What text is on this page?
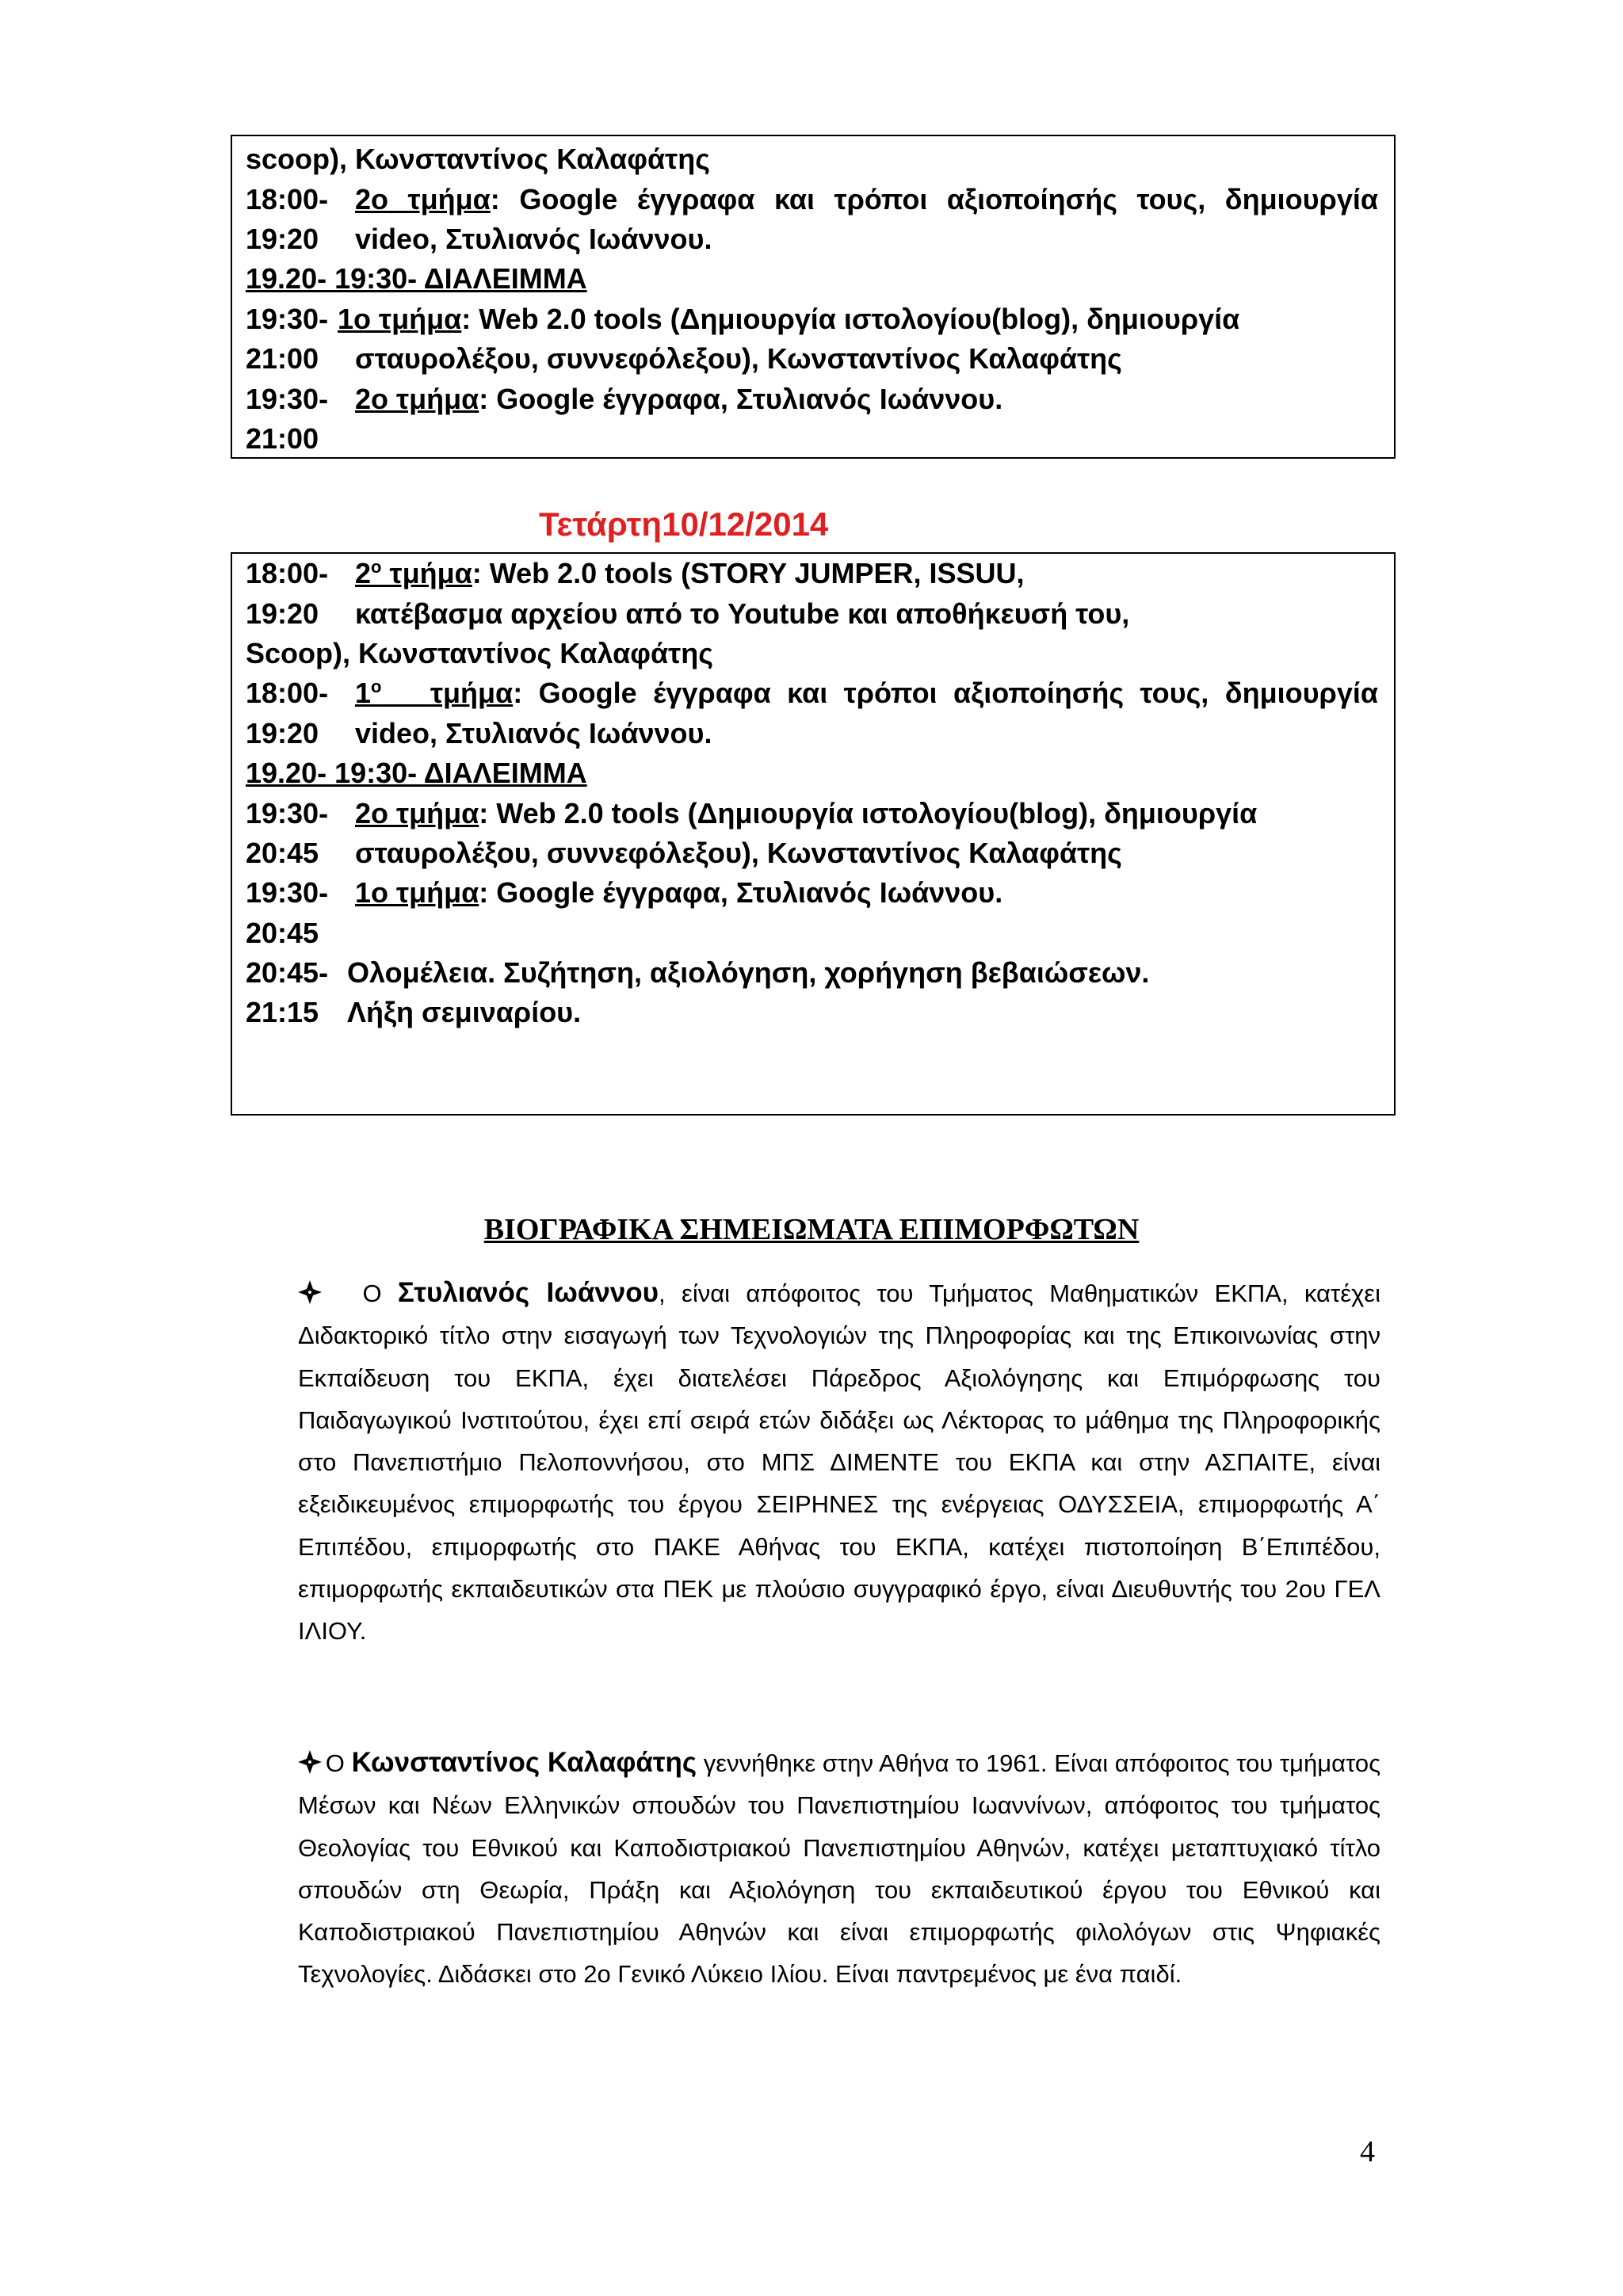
scoop), Κωνσταντίνος Καλαφάτης
18:00- 2ο τμήμα: Google έγγραφα και τρόποι αξιοποίησής τους, δημιουργία
19:20	video, Στυλιανός Ιωάννου.
19.20- 19:30- ΔΙΑΛΕΙΜΜΑ
19:30- 1ο τμήμα: Web 2.0 tools (Δημιουργία ιστολογίου(blog), δημιουργία
21:00	σταυρολέξου, συννεφόλεξου), Κωνσταντίνος Καλαφάτης
19:30- 2ο τμήμα: Google έγγραφα, Στυλιανός Ιωάννου.
21:00
Τετάρτη10/12/2014
18:00- $2^o$ τμήμα: Web 2.0 tools (STORY JUMPER, ISSUU,
19:20	κατέβασμα αρχείου από το Youtube και αποθήκευσή του,
Scoop), Κωνσταντίνος Καλαφάτης
18:00- $1^o$ τμήμα: Google έγγραφα και τρόποι αξιοποίησής τους, δημιουργία
19:20	video, Στυλιανός Ιωάννου.
19.20- 19:30- ΔΙΑΛΕΙΜΜΑ
19:30- 2ο τμήμα: Web 2.0 tools (Δημιουργία ιστολογίου(blog), δημιουργία
20:45	σταυρολέξου, συννεφόλεξου), Κωνσταντίνος Καλαφάτης
19:30- 1ο τμήμα: Google έγγραφα, Στυλιανός Ιωάννου.
20:45
20:45- Ολομέλεια. Συζήτηση, αξιολόγηση, χορήγηση βεβαιώσεων.
21:15 Λήξη σεμιναρίου.
ΒΙΟΓΡΑΦΙΚΑ ΣΗΜΕΙΩΜΑΤΑ ΕΠΙΜΟΡΦΩΤΩΝ

Ο Στυλιανός Ιωάννου, είναι απόφοιτος του Τμήματος Μαθηματικών ΕΚΠΑ, κατέχει Διδακτορικό τίτλο στην εισαγωγή των Τεχνολογιών της Πληροφορίας και της Επικοινωνίας στην Εκπαίδευση του ΕΚΠΑ, έχει διατελέσει Πάρεδρος Αξιολόγησης και Επιμόρφωσης του Παιδαγωγικού Ινστιτούτου, έχει επί σειρά ετών διδάξει ως Λέκτορας το μάθημα της Πληροφορικής στο Πανεπιστήμιο Πελοποννήσου, στο ΜΠΣ ΔΙΜΕΝΤΕ του ΕΚΠΑ και στην ΑΣΠΑΙΤΕ, είναι εξειδικευμένος επιμορφωτής του έργου ΣΕΙΡΗΝΕΣ της ενέργειας ΟΔΥΣΣΕΙΑ, επιμορφωτής Α΄ Επιπέδου, επιμορφωτής στο ΠΑΚΕ Αθήνας του ΕΚΠΑ, κατέχει πιστοποίηση Β΄Επιπέδου, επιμορφωτής εκπαιδευτικών στα ΠΕΚ με πλούσιο συγγραφικό έργο, είναι Διευθυντής του 2ου ΓΕΛ ΙΛΙΟΥ.

Ο Κωνσταντίνος Καλαφάτης γεννήθηκε στην Αθήνα το 1961. Είναι απόφοιτος του τμήματος Μέσων και Νέων Ελληνικών σπουδών του Πανεπιστημίου Ιωαννίνων, απόφοιτος του τμήματος Θεολογίας του Εθνικού και Καποδιστριακού Πανεπιστημίου Αθηνών, κατέχει μεταπτυχιακό τίτλο σπουδών στη Θεωρία, Πράξη και Αξιολόγηση του εκπαιδευτικού έργου του Εθνικού και Καποδιστριακού Πανεπιστημίου Αθηνών και είναι επιμορφωτής φιλολόγων στις Ψηφιακές Τεχνολογίες. Διδάσκει στο 2ο Γενικό Λύκειο Ιλίου. Είναι παντρεμένος με ένα παιδί.

4
